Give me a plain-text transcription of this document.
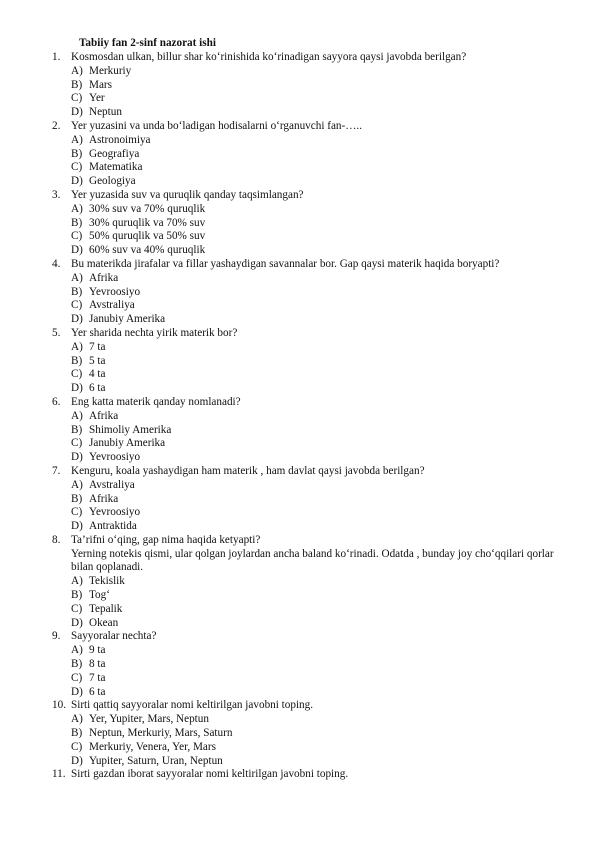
Tabiiy fan 2-sinf nazorat ishi
1. Kosmosdan ulkan, billur shar ko‘rinishida ko‘rinadigan sayyora qaysi javobda berilgan?
A) Merkuriy
B) Mars
C) Yer
D) Neptun
2. Yer yuzasini va unda bo‘ladigan hodisalarni o‘rganuvchi fan-…..
A) Astronoimiya
B) Geografiya
C) Matematika
D) Geologiya
3. Yer yuzasida suv va quruqlik qanday taqsimlangan?
A) 30% suv va 70% quruqlik
B) 30% quruqlik va 70% suv
C) 50% quruqlik va 50% suv
D) 60% suv va 40% quruqlik
4. Bu materikda jirafalar va fillar yashaydigan savannalar bor. Gap qaysi materik haqida boryapti?
A) Afrika
B) Yevroosiyo
C) Avstraliya
D) Janubiy Amerika
5. Yer sharida nechta yirik materik bor?
A) 7 ta
B) 5 ta
C) 4 ta
D) 6 ta
6. Eng katta materik qanday nomlanadi?
A) Afrika
B) Shimoliy Amerika
C) Janubiy Amerika
D) Yevroosiyo
7. Kenguru, koala yashaydigan ham materik , ham davlat qaysi javobda berilgan?
A) Avstraliya
B) Afrika
C) Yevroosiyo
D) Antraktida
8. Ta’rifni o‘qing, gap nima haqida ketyapti?
Yerning notekis qismi, ular qolgan joylardan ancha baland ko‘rinadi. Odatda , bunday joy cho‘qqilari qorlar bilan qoplanadi.
A) Tekislik
B) Tog‘
C) Tepalik
D) Okean
9. Sayyoralar nechta?
A) 9 ta
B) 8 ta
C) 7 ta
D) 6 ta
10. Sirti qattiq sayyoralar nomi keltirilgan javobni toping.
A) Yer, Yupiter, Mars, Neptun
B) Neptun, Merkuriy, Mars, Saturn
C) Merkuriy, Venera, Yer, Mars
D) Yupiter, Saturn, Uran, Neptun
11. Sirti gazdan iborat sayyoralar nomi keltirilgan javobni toping.
